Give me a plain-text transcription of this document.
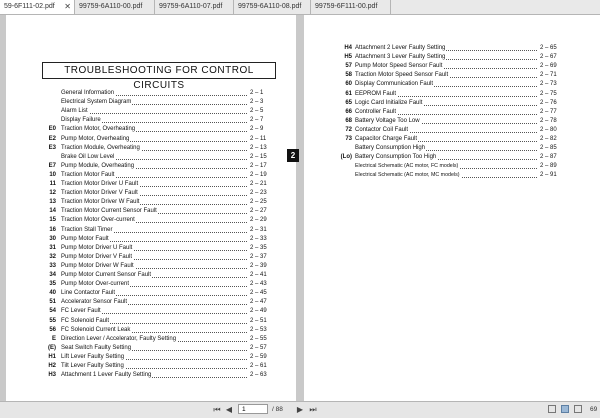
59-6F111-02.pdf ✕	99759-6A110-00.pdf	99759-6A110-07.pdf	99759-6A110-08.pdf	99759-6F111-00.pdf
TROUBLESHOOTING FOR CONTROL CIRCUITS
General Information	2 – 1
Electrical System Diagram	2 – 3
Alarm List	2 – 5
Display Failure	2 – 7
E0 Traction Motor, Overheating	2 – 9
E2 Pump Motor, Overheating	2 – 11
E3 Traction Module, Overheating	2 – 13
Brake Oil Low Level	2 – 15
E7 Pump Module, Overheating	2 – 17
10 Traction Motor Fault	2 – 19
11 Traction Motor Driver U Fault	2 – 21
12 Traction Motor Driver V Fault	2 – 23
13 Traction Motor Driver W Fault	2 – 25
14 Traction Motor Current Sensor Fault	2 – 27
15 Traction Motor Over-current	2 – 29
16 Traction Stall Timer	2 – 31
30 Pump Motor Fault	2 – 33
31 Pump Motor Driver U Fault	2 – 35
32 Pump Motor Driver V Fault	2 – 37
33 Pump Motor Driver W Fault	2 – 39
34 Pump Motor Current Sensor Fault	2 – 41
35 Pump Motor Over-current	2 – 43
40 Line Contactor Fault	2 – 45
51 Accelerator Sensor Fault	2 – 47
54 FC Lever Fault	2 – 49
55 FC Solenoid Fault	2 – 51
56 FC Solenoid Current Leak	2 – 53
E Direction Lever / Accelerator, Faulty Setting	2 – 55
(E) Seat Switch Faulty Setting	2 – 57
H1 Lift Lever Faulty Setting	2 – 59
H2 Tilt Lever Faulty Setting	2 – 61
H3 Attachment 1 Lever Faulty Setting	2 – 63
2
H4 Attachment 2 Lever Faulty Setting	2 – 65
H5 Attachment 3 Lever Faulty Setting	2 – 67
57 Pump Motor Speed Sensor Fault	2 – 69
58 Traction Motor Speed Sensor Fault	2 – 71
60 Display Communication Fault	2 – 73
61 EEPROM Fault	2 – 75
65 Logic Card Initialize Fault	2 – 76
66 Controller Fault	2 – 77
68 Battery Voltage Too Low	2 – 78
72 Contactor Coil Fault	2 – 80
73 Capacitor Charge Fault	2 – 82
Battery Consumption High	2 – 85
(Lo) Battery Consumption Too High	2 – 87
Electrical Schematic (AC motor, FC models)	2 – 89
Electrical Schematic (AC motor, MC models)	2 – 91
⏮ ◀	1	/ 88 ▶ ⏭	69
